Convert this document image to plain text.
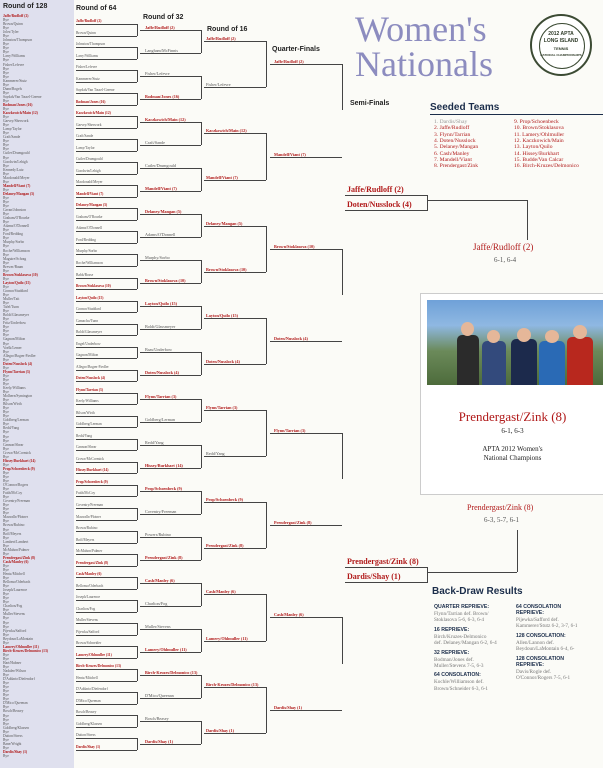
Round of 128	Round of 64
Round of 32
Round of 16
Quarter-Finals
Semi-Finals
Jaffe/Rudloff (2)
Bye
Brown/Quinn
Bye
Joles/Tyler
Bye
Johnston/Thompson
Bye
Bye
Bye
Larry/Williams
Bye
Fisher/Lefevre
Bye
Bye
Bye
Kammerer/Stutz
Bye
Dunn/Rogels
Bye
Saydah/Van Tassel-Greene
Bye
Bodman/Jones (16)
Bye
Kaczkowich/Main (12)
Bye
Garvey/Sherwork
Bye
Lamy/Taylor
Bye
Craft/Sande
Bye
Bye
Bye
Cutler/Drumgould
Bye
Goodwin/Lehigh
Bye
Kennedy/Lutz
Bye
Macdonald/Meyer
Bye
Mandell/Viant (7)
Bye
Delaney/Mangan (5)
Bye
Bye
Bye
Cavan/Johnston
Bye
Graham/O'Rourke
Bye
Adams/O'Donnell
Bye
Ford/Redding
Bye
Murphy/Sorbo
Bye
Roche/Williamson
Bye
Maguire/Schrag
Bye
Brewer/Baum
Bye
Brown/Stoklasova (10)
Bye
Layton/Quilo (15)
Bye
Connor/Studdard
Bye
Muller/Tait
Bye
Tafel/Tunn
Bye
Boldt/Glassmeyer
Bye
Fritz/Underbow
Bye
Bye
Bye
Gagnon/Milton
Bye
Voelk/Lemer
Bye
Allegro/Bogen-Fiedler
Bye
Doten/Nusslock (4)
Bye
Flynn/Tarrian (3)
Bye
Bye
Bye
Keely/Williams
Bye
Molhern/Symington
Bye
Bilson/Wirth
Bye
Bye
Bye
Goldberg/Lerman
Bye
Redd/Yang
Bye
Bye
Bye
Cannon/Shear
Bye
Crowe/McCormick
Bye
Hissey/Burkhart (14)
Bye
Prop/Schoenbeck (9)
Bye
Bye
Bye
O'Connor/Rogers
Bye
Faith/McCoy
Bye
Coventry/Freeman
Bye
Bye
Bye
Mauvalle/Plotner
Bye
Brown/Rubino
Bye
Boff/Meyers
Bye
Lambert/Lambert
Bye
McMahon/Palmer
Bye
Prendergast/Zink (8)
Cash/Manley (6)
Bye
Bye
Hentz/Mitchell
Bye
Bellomo/Oderbach
Bye
Joseph/Laurence
Bye
Bye
Bye
Charlton/Fog
Bye
Muller/Stevens
Bye
Bye
Bye
Pijewka/Safford
Bye
Beydoun/LaMontain
Bye
Lamery/Ohlmuller (11)
Birch-Kruzes/Delmonico (13)
Bye
Bye
Hart/Hubner
Bye
Nadalee/Wilson
Bye
D'Addario/Diefendorf
Bye
Bye
Bye
Bye
Bye
D'Mico/Queenan
Bye
Bosch/Beasey
Bye
Bye
Bye
Goldberg/Klassen
Bye
Dutton/Stress
Bye
Bane/Wright
Bye
Dardis/Shay (1)
Bye
Jaffe/Rudloff (2)
Brown/Quinn
Johnston/Thompson
Larry/Williams
Fisher/Lefevre
Kammerer/Stutz
Saydah/Van Tassel-Greene
Bodman/Jones (16)
Kaczkowich/Main (12)
Garvey/Sherwork
Craft/Sande
Lamy/Taylor
Cutler/Drumgould
Goodwin/Lehigh
Macdonald/Meyer
Mandell/Viant (7)
Delaney/Mangan (5)
Graham/O'Rourke
Adams/O'Donnell
Ford/Redding
Murphy/Sorbo
Roche/Williamson
Babb/Bosse
Brown/Stoklasova (10)
Layton/Quilo (15)
Connor/Studdard
Camacho/Tunn
Boldt/Glassmeyer
Engel/Underbow
Gagnon/Milton
Allegro/Bogen-Fiedler
Doten/Nusslock (4)
Flynn/Tarrian (3)
Keely/Williams
Bilson/Wirth
Goldberg/Lerman
Redd/Yang
Cannon/Shear
Crowe/McCormick
Hissey/Burkhart (14)
Prop/Schoenbeck (9)
Faith/McCoy
Coventry/Freeman
Mauvalle/Plotner
Brown/Rubino
Boff/Meyers
McMahon/Palmer
Prendergast/Zink (8)
Cash/Manley (6)
Bellomo/Oderbach
Joseph/Laurence
Charlton/Fog
Muller/Stevens
Pijewka/Safford
Brown/Schneider
Lamery/Ohlmuller (11)
Birch-Kruzes/Delmonico (13)
Hentz/Mitchell
D'Addario/Diefendorf
D'Mico/Queenan
Bosch/Beasey
Goldberg/Klassen
Dutton/Stress
Dardis/Shay (1)
Jaffe/Rudloff (2)
Langham/McFinnis
Fisher/Lefevre
Bodman/Jones (16)
Kaczkowich/Main (12)
Craft/Sande
Cutler/Drumgould
Mandell/Viant (7)
Delaney/Mangan (5)
Adams/O'Donnell
Murphy/Sorbo
Brown/Stoklasova (10)
Layton/Quilo (15)
Boldt/Glassmeyer
Baas/Underbow
Doten/Nusslock (4)
Flynn/Tarrian (3)
Goldberg/Lerman
Redd/Yang
Hissey/Burkhart (14)
Prop/Schoenbeck (9)
Coventry/Freeman
Powers/Rubino
Prendergast/Zink (8)
Cash/Manley (6)
Charlton/Fog
Muller/Stevens
Lamery/Ohlmuller (11)
Birch-Kruzes/Delmonico (13)
D'Mico/Queenan
Bosch/Beasey
Dardis/Shay (1)
Jaffe/Rudloff (2)
Fisher/Lefevre
Kaczkowich/Main (12)
Mandell/Viant (7)
Delaney/Mangan (5)
Brown/Stoklasova (10)
Layton/Quilo (15)
Doten/Nusslock (4)
Flynn/Tarrian (3)
Redd/Yang
Prop/Schoenbeck (9)
Prendergast/Zink (8)
Cash/Manley (6)
Lamery/Ohlmuller (11)
Birch-Kruzes/Delmonico (13)
Dardis/Shay (1)
Jaffe/Rudloff (2)
Mandell/Viant (7)
Brown/Stoklasova (10)
Doten/Nusslock (4)
Flynn/Tarrian (3)
Prendergast/Zink (8)
Cash/Manley (6)
Dardis/Shay (1)
Jaffe/Rudloff (2)
Doten/Nusslock (4)
Prendergast/Zink (8)
Dardis/Shay (1)
Women's
Nationals
2012 APTA
LONG ISLAND
TENNIS
NATIONAL CHAMPIONSHIPS
Seeded Teams
1. Dardis/Shay
2. Jaffe/Rudloff
3. Flynn/Tarrian
4. Doten/Nusslock
5. Delaney/Mangan
6. Cash/Manley
7. Mandell/Viant
8. Prendergast/Zink
9. Prop/Schoenbeck
10. Brown/Stoklasova
11. Lamery/Ohlmuller
12. Kaczkowich/Main
13. Layton/Quilo
14. Hissey/Burkhart
15. Budde/Van Calcar
16. Birch-Kruzes/Delmonico
Jaffe/Rudloff (2)
6-1, 6-4
Prendergast/Zink (8)
6-1, 6-3
APTA 2012 Women's
National Champions
Prendergast/Zink (8)
6-3, 5-7, 6-1
Back-Draw Results
QUARTER REPRIEVE:
Flynn/Tarrian def. Brown/
Stoklasova 5-6, 6-3, 6-4
16 REPRIEVE:
Birch/Kruzes-Delmonico
def. Delaney/Mangan 6-2, 6-4
32 REPRIEVE:
Bodman/Jones def.
Muller/Stevens 7-5, 6-3
64 CONSOLATION:
Kochle/Williamson def.
Brown/Schneider 6-3, 6-1
64 CONSOLATION REPRIEVE:
Pijewka/Safford def.
Kammerer/Stutz 6-2, 3-7, 6-1
128 CONSOLATION:
Allen/Lannon def.
Beydoun/LaMontain 6-4, 6-
128 CONSOLATION REPRIEVE:
Davis/Rogle def.
O'Connor/Rogers 7-5, 6-1
